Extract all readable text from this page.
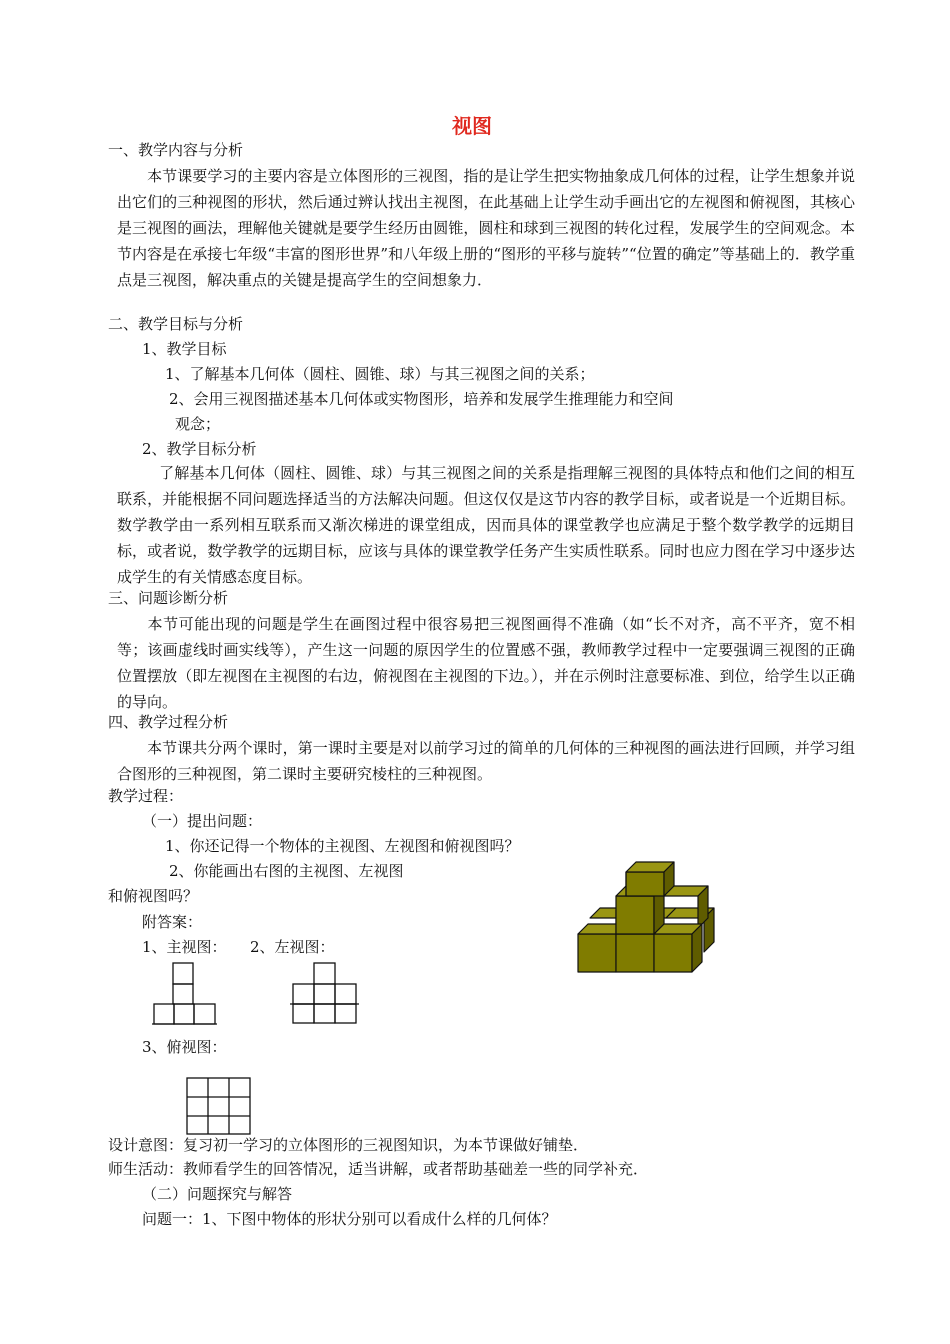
视图
一、教学内容与分析
本节课要学习的主要内容是立体图形的三视图，指的是让学生把实物抽象成几何体的过程，让学生想象并说出它们的三种视图的形状，然后通过辨认找出主视图，在此基础上让学生动手画出它的左视图和俯视图，其核心是三视图的画法，理解他关键就是要学生经历由圆锥，圆柱和球到三视图的转化过程，发展学生的空间观念。本节内容是在承接七年级“丰富的图形世界”和八年级上册的“图形的平移与旋转”“位置的确定”等基础上的．教学重点是三视图，解决重点的关键是提高学生的空间想象力．
二、教学目标与分析
1、教学目标
1、了解基本几何体（圆柱、圆锥、球）与其三视图之间的关系；
2、会用三视图描述基本几何体或实物图形，培养和发展学生推理能力和空间
观念；
2、教学目标分析
了解基本几何体（圆柱、圆锥、球）与其三视图之间的关系是指理解三视图的具体特点和他们之间的相互联系，并能根据不同问题选择适当的方法解决问题。但这仅仅是这节内容的教学目标，或者说是一个近期目标。数学教学由一系列相互联系而又渐次梯进的课堂组成，因而具体的课堂教学也应满足于整个数学教学的远期目标，或者说，数学教学的远期目标，应该与具体的课堂教学任务产生实质性联系。同时也应力图在学习中逐步达成学生的有关情感态度目标。
三、问题诊断分析
本节可能出现的问题是学生在画图过程中很容易把三视图画得不准确（如“长不对齐，高不平齐，宽不相等；该画虚线时画实线等），产生这一问题的原因学生的位置感不强，教师教学过程中一定要强调三视图的正确位置摆放（即左视图在主视图的右边，俯视图在主视图的下边。），并在示例时注意要标准、到位，给学生以正确的导向。
四、教学过程分析
本节课共分两个课时，第一课时主要是对以前学习过的简单的几何体的三种视图的画法进行回顾，并学习组合图形的三种视图，第二课时主要研究棱柱的三种视图。
教学过程：
（一）提出问题：
1、你还记得一个物体的主视图、左视图和俯视图吗？
2、你能画出右图的主视图、左视图
和俯视图吗？
附答案：
1、主视图： 2、左视图：
3、俯视图：
设计意图：复习初一学习的立体图形的三视图知识，为本节课做好铺垫．
师生活动：教师看学生的回答情况，适当讲解，或者帮助基础差一些的同学补充．
（二）问题探究与解答
问题一：1、下图中物体的形状分别可以看成什么样的几何体？
